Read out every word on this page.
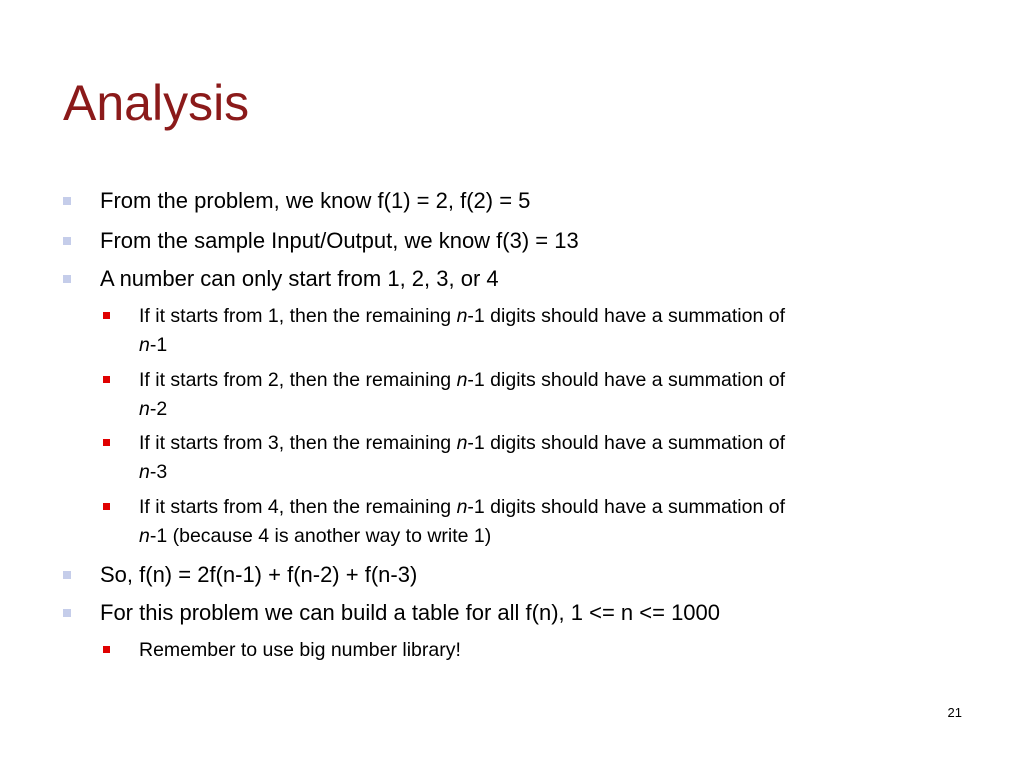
Analysis
From the problem, we know f(1) = 2, f(2) = 5
From the sample Input/Output, we know f(3) = 13
A number can only start from 1, 2, 3, or 4
If it starts from 1, then the remaining n-1 digits should have a summation of
n-1
If it starts from 2, then the remaining n-1 digits should have a summation of
n-2
If it starts from 3, then the remaining n-1 digits should have a summation of
n-3
If it starts from 4, then the remaining n-1 digits should have a summation of
n-1 (because 4 is another way to write 1)
So, f(n) = 2f(n-1) + f(n-2) + f(n-3)
For this problem we can build a table for all f(n), 1 <= n <= 1000
Remember to use big number library!
21
